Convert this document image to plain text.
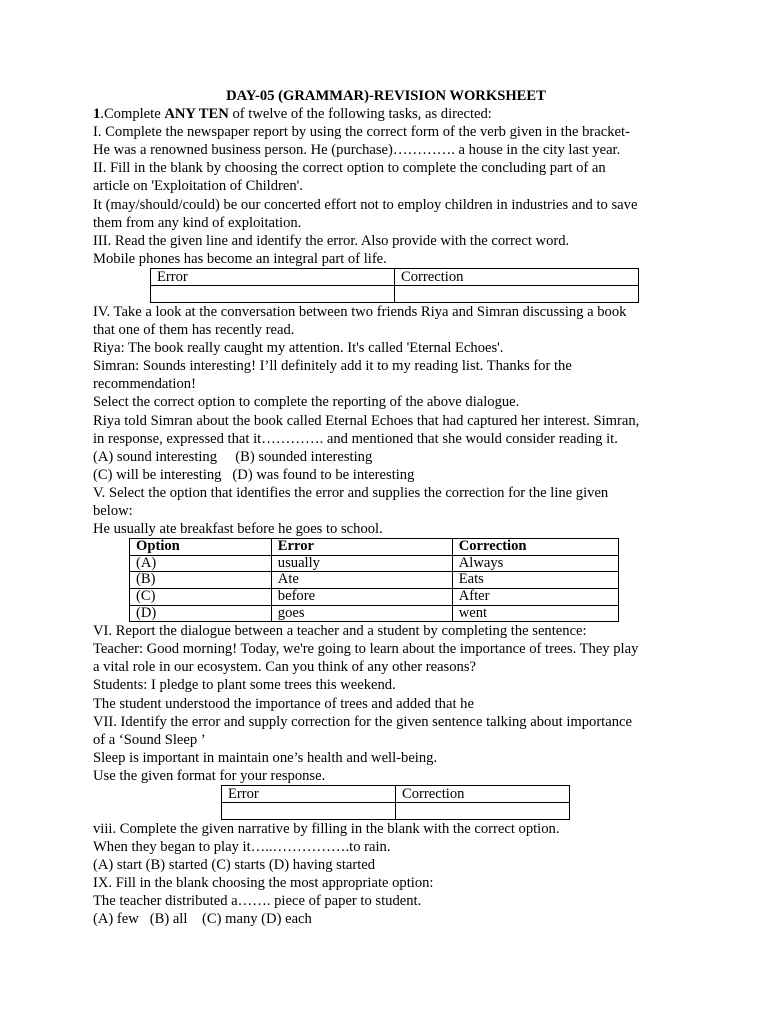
DAY-05 (GRAMMAR)-REVISION WORKSHEET
1.Complete ANY TEN of twelve of the following tasks, as directed:
I. Complete the newspaper report by using the correct form of the verb given in the bracket-
He was a renowned business person. He (purchase)…………. a house in the city last year.
II. Fill in the blank by choosing the correct option to complete the concluding part of an
article on 'Exploitation of Children'.
It (may/should/could) be our concerted effort not to employ children in industries and to save
them from any kind of exploitation.
III. Read the given line and identify the error. Also provide with the correct word.
Mobile phones has become an integral part of life.
Error	Correction

IV. Take a look at the conversation between two friends Riya and Simran discussing a book
that one of them has recently read.
Riya: The book really caught my attention. It's called 'Eternal Echoes'.
Simran: Sounds interesting! I’ll definitely add it to my reading list. Thanks for the
recommendation!
Select the correct option to complete the reporting of the above dialogue.
Riya told Simran about the book called Eternal Echoes that had captured her interest. Simran,
in response, expressed that it…………. and mentioned that she would consider reading it.
(A) sound interesting     (B) sounded interesting
(C) will be interesting   (D) was found to be interesting
V. Select the option that identifies the error and supplies the correction for the line given
below:
He usually ate breakfast before he goes to school.
Option	Error	Correction
(A)	usually	Always
(B)	Ate	Eats
(C)	before	After
(D)	goes	went
VI. Report the dialogue between a teacher and a student by completing the sentence:
Teacher: Good morning! Today, we're going to learn about the importance of trees. They play
a vital role in our ecosystem. Can you think of any other reasons?
Students: I pledge to plant some trees this weekend.
The student understood the importance of trees and added that he
VII. Identify the error and supply correction for the given sentence talking about importance
of a ‘Sound Sleep ’
Sleep is important in maintain one’s health and well-being.
Use the given format for your response.
Error	Correction

viii. Complete the given narrative by filling in the blank with the correct option.
When they began to play it…..…………….to rain.
(A) start (B) started (C) starts (D) having started
IX. Fill in the blank choosing the most appropriate option:
The teacher distributed a……. piece of paper to student.
(A) few   (B) all    (C) many (D) each
